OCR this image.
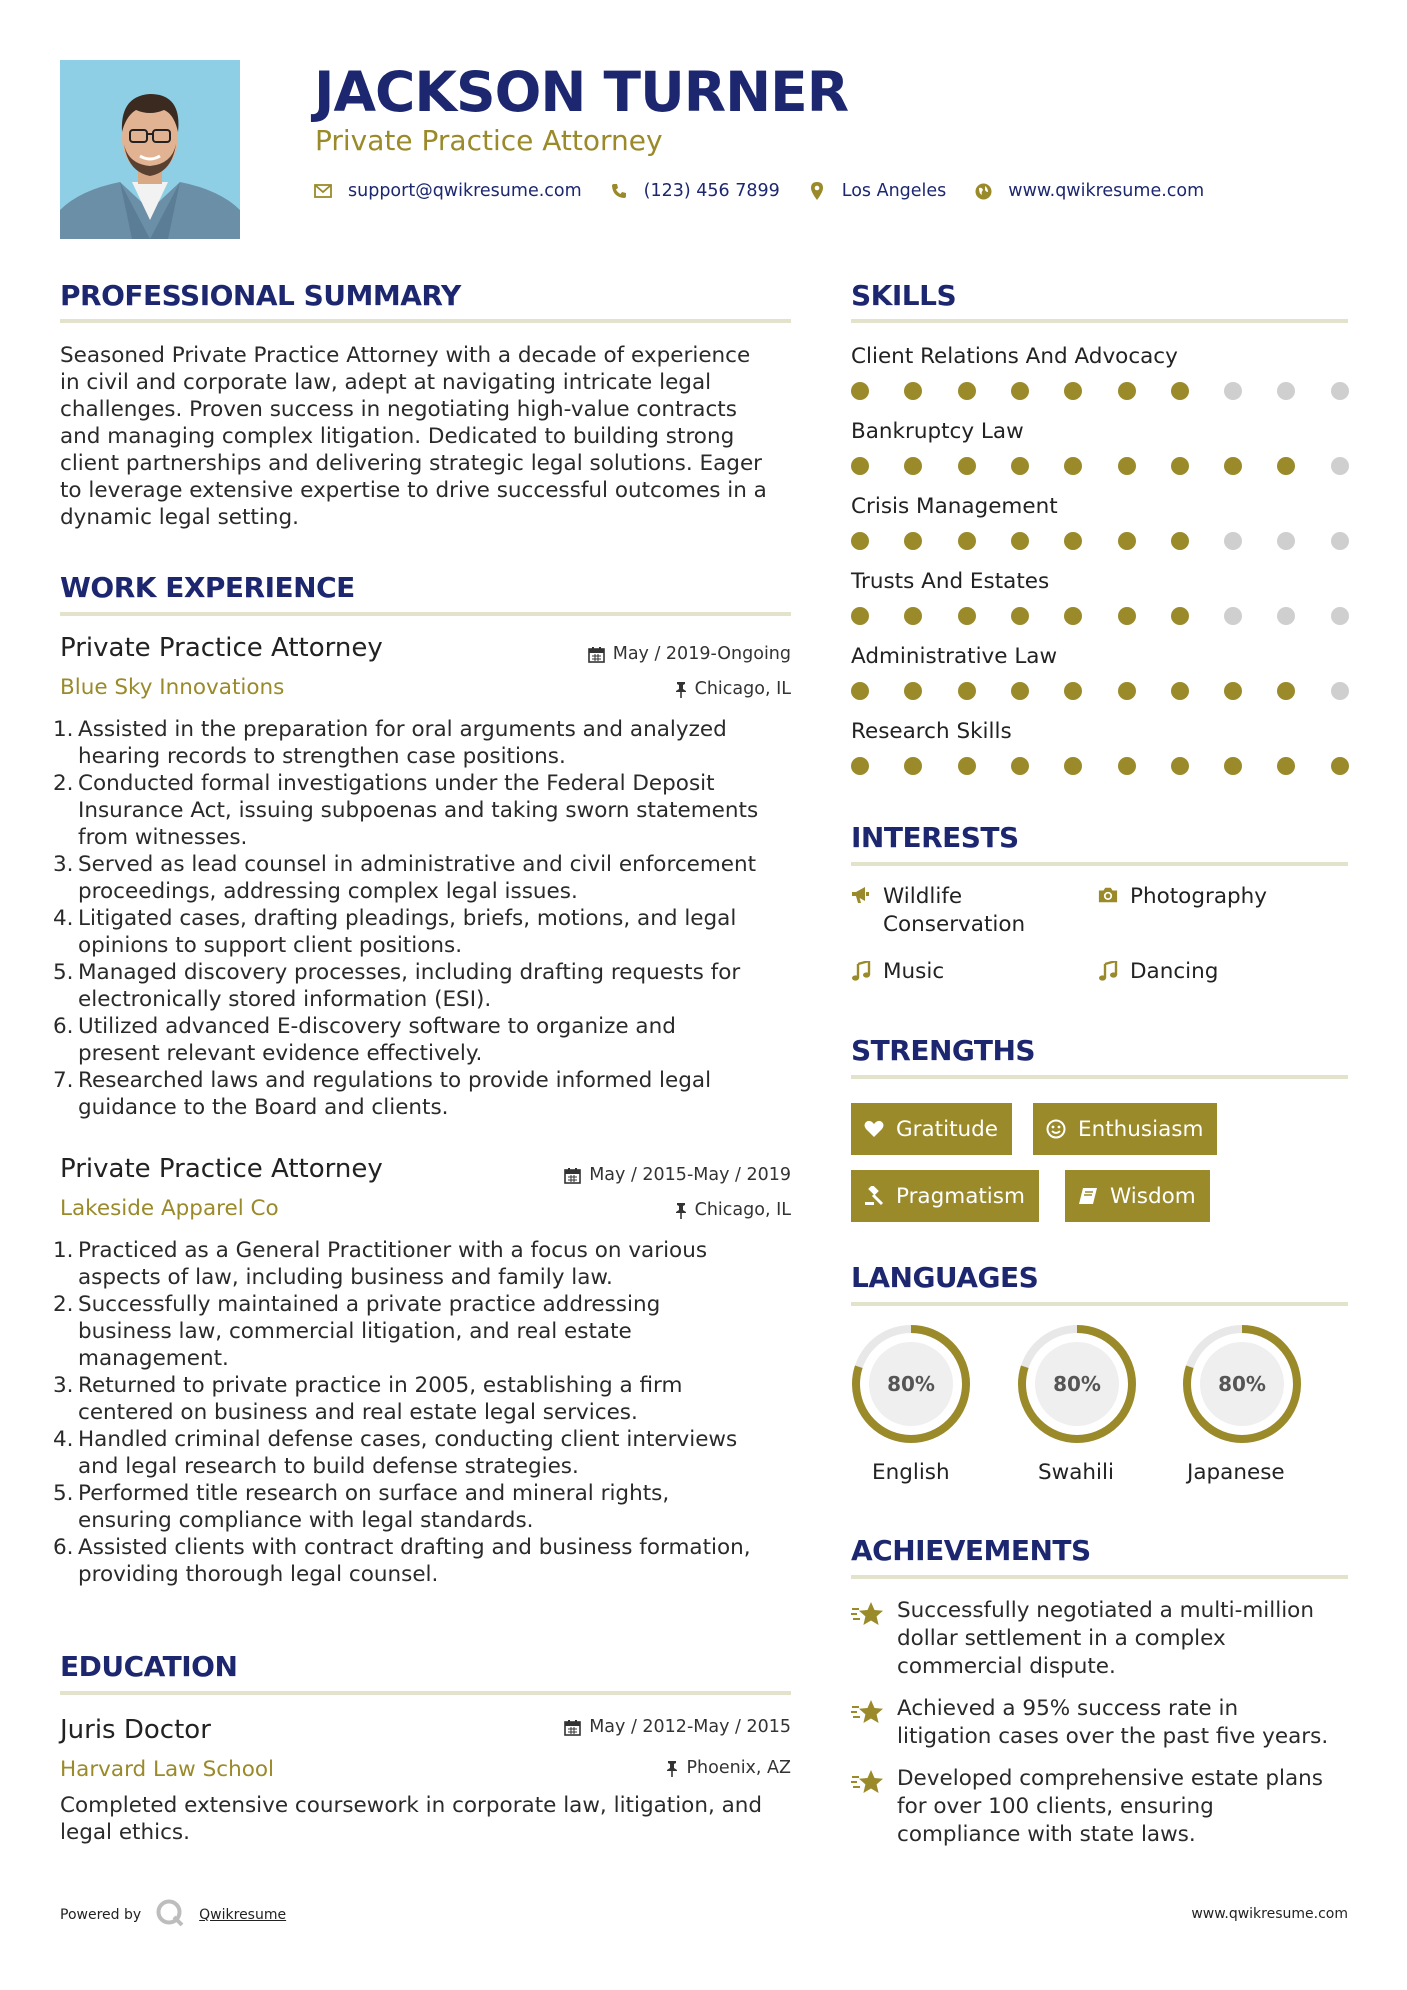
JACKSON TURNER
Private Practice Attorney
support@qwikresume.com	(123) 456 7899	Los Angeles	www.qwikresume.com
PROFESSIONAL SUMMARY
Seasoned Private Practice Attorney with a decade of experience
in civil and corporate law, adept at navigating intricate legal
challenges. Proven success in negotiating high-value contracts
and managing complex litigation. Dedicated to building strong
client partnerships and delivering strategic legal solutions. Eager
to leverage extensive expertise to drive successful outcomes in a
dynamic legal setting.
WORK EXPERIENCE
Private Practice Attorney
Blue Sky Innovations
May / 2019-Ongoing
Chicago, IL
1. Assisted in the preparation for oral arguments and analyzed
hearing records to strengthen case positions.
2. Conducted formal investigations under the Federal Deposit
Insurance Act, issuing subpoenas and taking sworn statements
from witnesses.
3. Served as lead counsel in administrative and civil enforcement
proceedings, addressing complex legal issues.
4. Litigated cases, drafting pleadings, briefs, motions, and legal
opinions to support client positions.
5. Managed discovery processes, including drafting requests for
electronically stored information (ESI).
6. Utilized advanced E-discovery software to organize and
present relevant evidence effectively.
7. Researched laws and regulations to provide informed legal
guidance to the Board and clients.
Private Practice Attorney
Lakeside Apparel Co
May / 2015-May / 2019
Chicago, IL
1. Practiced as a General Practitioner with a focus on various
aspects of law, including business and family law.
2. Successfully maintained a private practice addressing
business law, commercial litigation, and real estate
management.
3. Returned to private practice in 2005, establishing a firm
centered on business and real estate legal services.
4. Handled criminal defense cases, conducting client interviews
and legal research to build defense strategies.
5. Performed title research on surface and mineral rights,
ensuring compliance with legal standards.
6. Assisted clients with contract drafting and business formation,
providing thorough legal counsel.
EDUCATION
Juris Doctor
Harvard Law School
May / 2012-May / 2015
Phoenix, AZ
Completed extensive coursework in corporate law, litigation, and
legal ethics.
SKILLS
Client Relations And Advocacy
Bankruptcy Law
Crisis Management
Trusts And Estates
Administrative Law
Research Skills
INTERESTS
Wildlife
Conservation
Photography
Music	Dancing
STRENGTHS
Gratitude	Enthusiasm
Pragmatism	Wisdom
LANGUAGES
80%	80%	80%
English	Swahili	Japanese
ACHIEVEMENTS
Successfully negotiated a multi-million
dollar settlement in a complex
commercial dispute.
Achieved a 95% success rate in
litigation cases over the past five years.
Developed comprehensive estate plans
for over 100 clients, ensuring
compliance with state laws.
Powered by	Qwikresume	www.qwikresume.com
